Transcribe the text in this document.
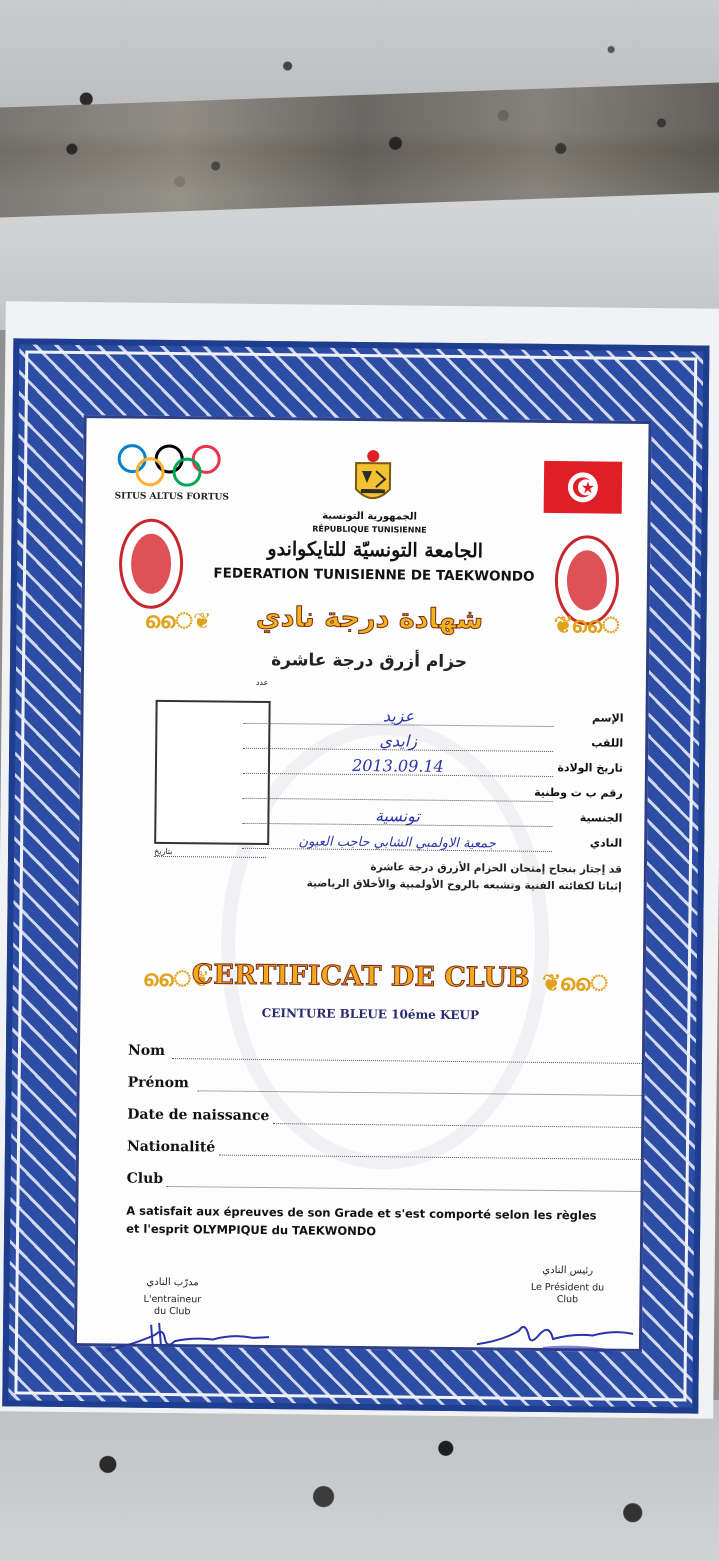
SITUS ALTUS FORTUS
الجمهورية التونسية
RÉPUBLIQUE TUNISIENNE
الجامعة التونسيّة للتايكواندو
FEDERATION TUNISIENNE DE TAEKWONDO
ൈ❦	شهادة درجة نادي	❦ൈ
حزام أزرق درجة عاشرة
عدد
بتاريخ
الإسم
عزيد
اللقب
زايدي
تاريخ الولادة
2013.09.14
رقم ب ت وطنية
الجنسية
تونسية
النادي
جمعية الاولمبي الشابي حاجب العيون
قد إجتاز بنجاح إمتحان الحزام الأزرق درجة عاشرة
إثباتا لكفائته الفنية وتشبعه بالروح الأولمبية والأخلاق الرياضية
ൈ❦
CERTIFICAT DE CLUB ❦ൈ
CEINTURE BLEUE 10éme KEUP
Nom
Prénom
Date de naissance
Nationalité
Club
A satisfait aux épreuves de son Grade et s'est comporté selon les règles
et l'esprit OLYMPIQUE du TAEKWONDO
مدرّب النادي
L'entraineur
du Club
رئيس النادي
Le Président du
Club
